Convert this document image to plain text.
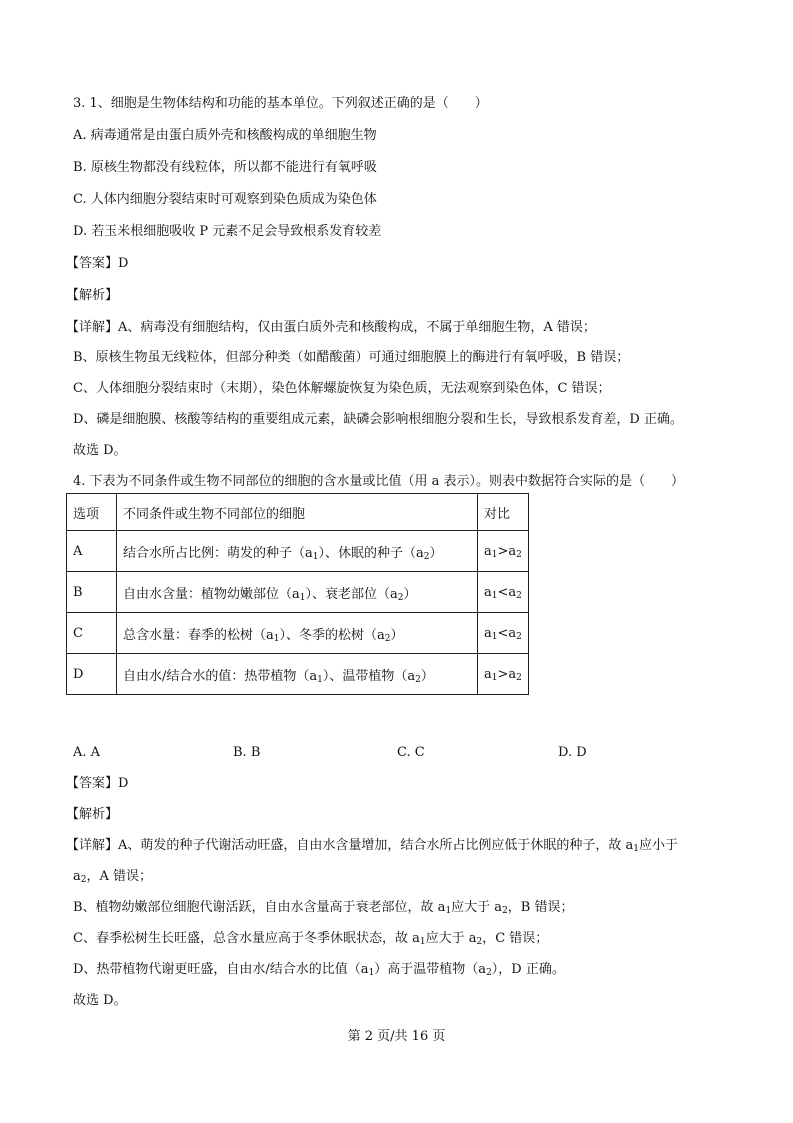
3. 1、细胞是生物体结构和功能的基本单位。下列叙述正确的是（　　）
A. 病毒通常是由蛋白质外壳和核酸构成的单细胞生物
B. 原核生物都没有线粒体，所以都不能进行有氧呼吸
C. 人体内细胞分裂结束时可观察到染色质成为染色体
D. 若玉米根细胞吸收 P 元素不足会导致根系发育较差
【答案】D
【解析】
【详解】A、病毒没有细胞结构，仅由蛋白质外壳和核酸构成，不属于单细胞生物，A 错误；
B、原核生物虽无线粒体，但部分种类（如醋酸菌）可通过细胞膜上的酶进行有氧呼吸，B 错误；
C、人体细胞分裂结束时（末期），染色体解螺旋恢复为染色质，无法观察到染色体，C 错误；
D、磷是细胞膜、核酸等结构的重要组成元素，缺磷会影响根细胞分裂和生长，导致根系发育差，D 正确。
故选 D。
4. 下表为不同条件或生物不同部位的细胞的含水量或比值（用 a 表示）。则表中数据符合实际的是（　　）
选项	不同条件或生物不同部位的细胞	对比
A	结合水所占比例：萌发的种子$(a_1)$、休眠的种子$(a_2)$	$a_1>a_2$
B	自由水含量：植物幼嫩部位$(a_1)$、衰老部位$(a_2)$	$a_1<a_2$
C	总含水量：春季的松树$(a_1)$、冬季的松树$(a_2)$	$a_1<a_2$
D	自由水/结合水的值：热带植物$(a_1)$、温带植物$(a_2)$	$a_1>a_2$
A. A	B. B	C. C	D. D
【答案】D
【解析】
【详解】A、萌发的种子代谢活动旺盛，自由水含量增加，结合水所占比例应低于休眠的种子，故 $a_1$应小于
$a_2$，A 错误；
B、植物幼嫩部位细胞代谢活跃，自由水含量高于衰老部位，故 $a_1$应大于 $a_2$，B 错误；
C、春季松树生长旺盛，总含水量应高于冬季休眠状态，故 $a_1$应大于 $a_2$，C 错误；
D、热带植物代谢更旺盛，自由水/结合水的比值$(a_1)$高于温带植物$(a_2)$，D 正确。
故选 D。
第 2 页/共 16 页
